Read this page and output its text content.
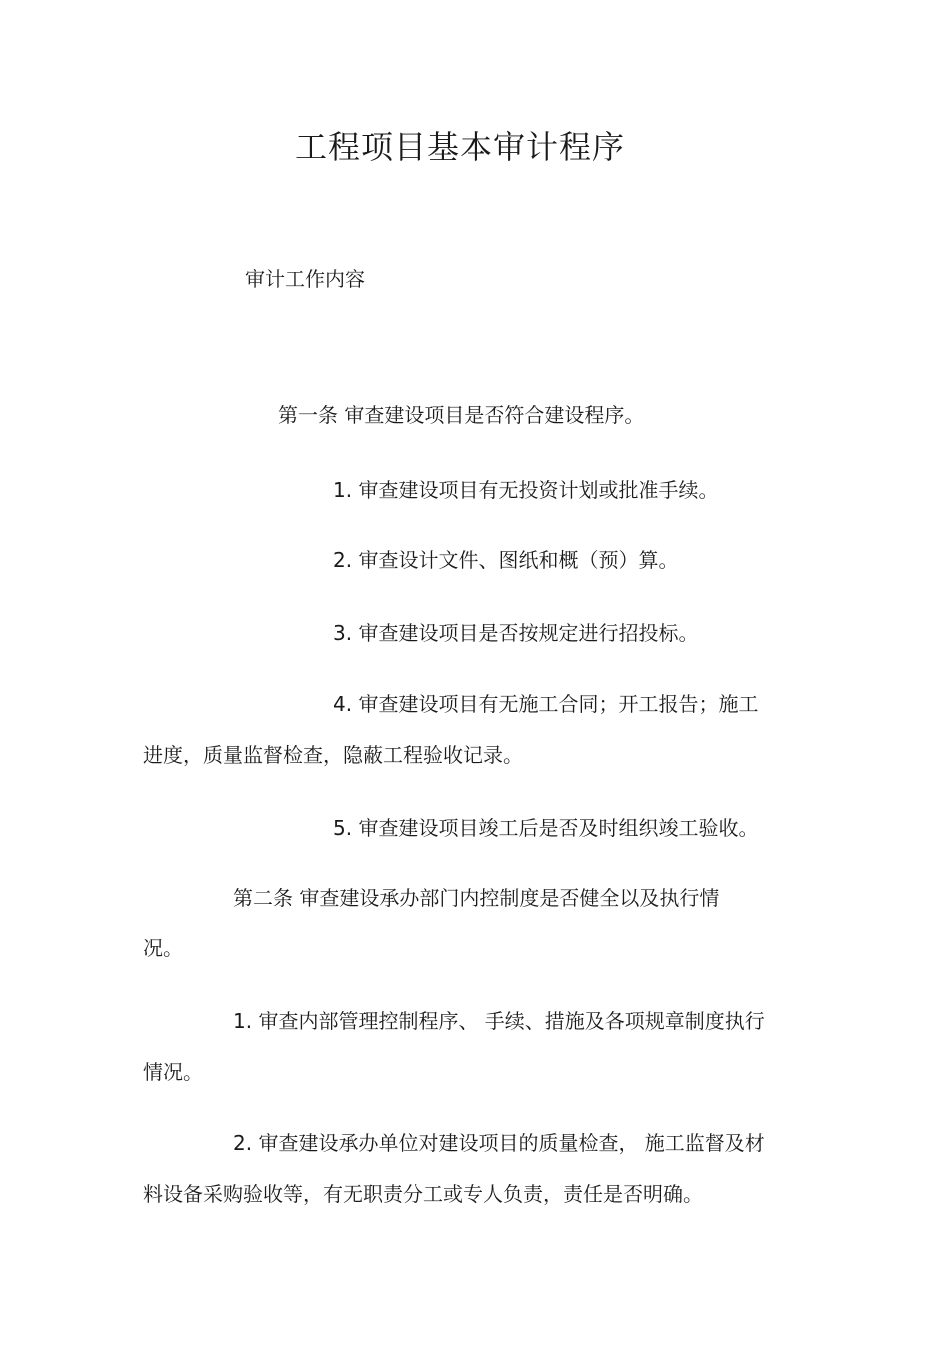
工程项目基本审计程序
审计工作内容
第一条 审查建设项目是否符合建设程序。
1. 审查建设项目有无投资计划或批准手续。
2. 审查设计文件、图纸和概（预）算。
3. 审查建设项目是否按规定进行招投标。
4. 审查建设项目有无施工合同；开工报告；施工
进度，质量监督检查，隐蔽工程验收记录。
5. 审查建设项目竣工后是否及时组织竣工验收。
第二条 审查建设承办部门内控制度是否健全以及执行情
况。
1. 审查内部管理控制程序、 手续、措施及各项规章制度执行
情况。
2. 审查建设承办单位对建设项目的质量检查， 施工监督及材
料设备采购验收等，有无职责分工或专人负责，责任是否明确。
